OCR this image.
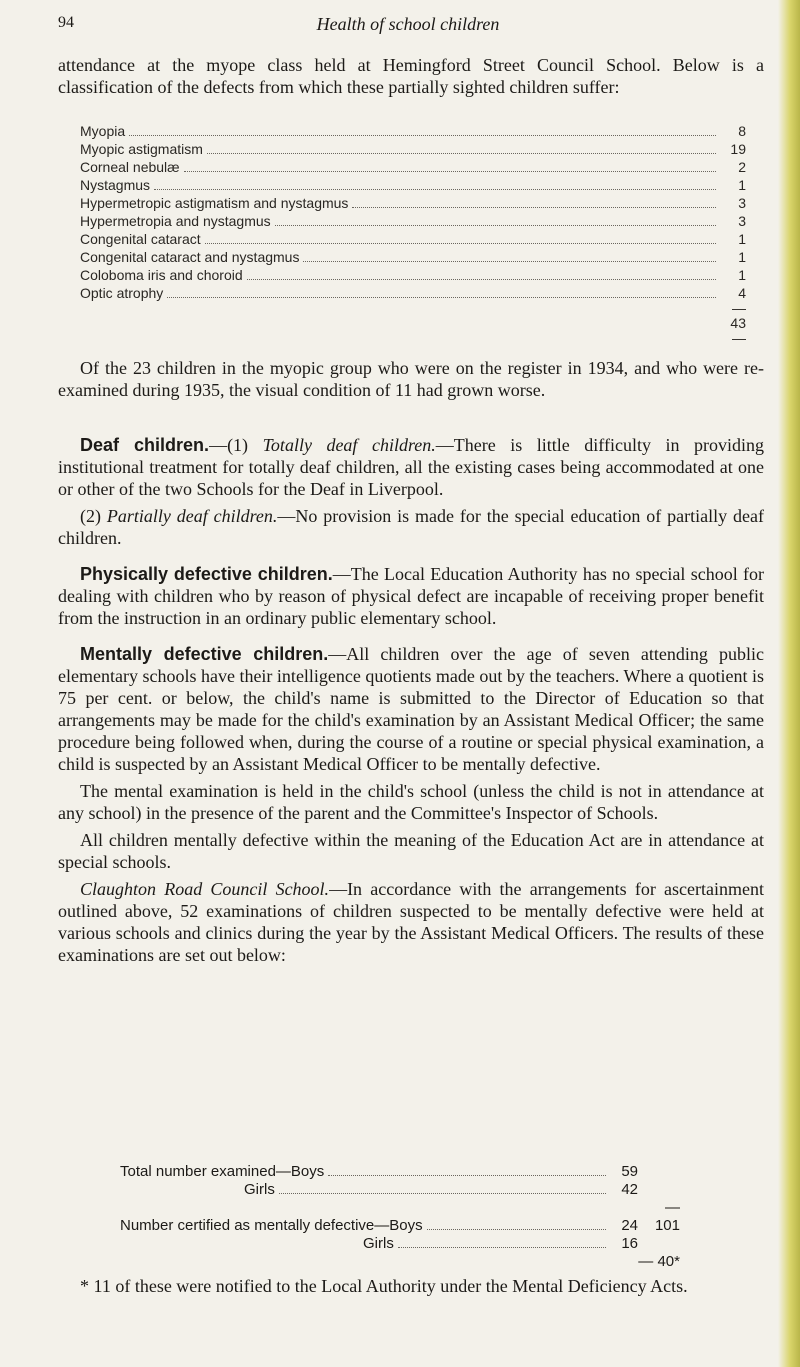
94	Health of school children

attendance at the myope class held at Hemingford Street Council School. Below is a classification of the defects from which these partially sighted children suffer:

Myopia	8
Myopic astigmatism	19
Corneal nebulæ	2
Nystagmus	1
Hypermetropic astigmatism and nystagmus	3
Hypermetropia and nystagmus	3
Congenital cataract	1
Congenital cataract and nystagmus	1
Coloboma iris and choroid	1
Optic atrophy	4
—
43
—

Of the 23 children in the myopic group who were on the register in 1934, and who were re-examined during 1935, the visual condition of 11 had grown worse.

Deaf children.—(1) Totally deaf children.—There is little difficulty in providing institutional treatment for totally deaf children, all the existing cases being accommodated at one or other of the two Schools for the Deaf in Liverpool.

(2) Partially deaf children.—No provision is made for the special education of partially deaf children.

Physically defective children.—The Local Education Authority has no special school for dealing with children who by reason of physical defect are incapable of receiving proper benefit from the instruction in an ordinary public elementary school.

Mentally defective children.—All children over the age of seven attending public elementary schools have their intelligence quotients made out by the teachers. Where a quotient is 75 per cent. or below, the child's name is submitted to the Director of Education so that arrangements may be made for the child's examination by an Assistant Medical Officer; the same procedure being followed when, during the course of a routine or special physical examination, a child is suspected by an Assistant Medical Officer to be mentally defective.

The mental examination is held in the child's school (unless the child is not in attendance at any school) in the presence of the parent and the Committee's Inspector of Schools.

All children mentally defective within the meaning of the Education Act are in attendance at special schools.

Claughton Road Council School.—In accordance with the arrangements for ascertainment outlined above, 52 examinations of children suspected to be mentally defective were held at various schools and clinics during the year by the Assistant Medical Officers. The results of these examinations are set out below:

Total number examined—Boys	59
Girls	42
— 101
Number certified as mentally defective—Boys	24
Girls	16
— 40*

* 11 of these were notified to the Local Authority under the Mental Deficiency Acts.
